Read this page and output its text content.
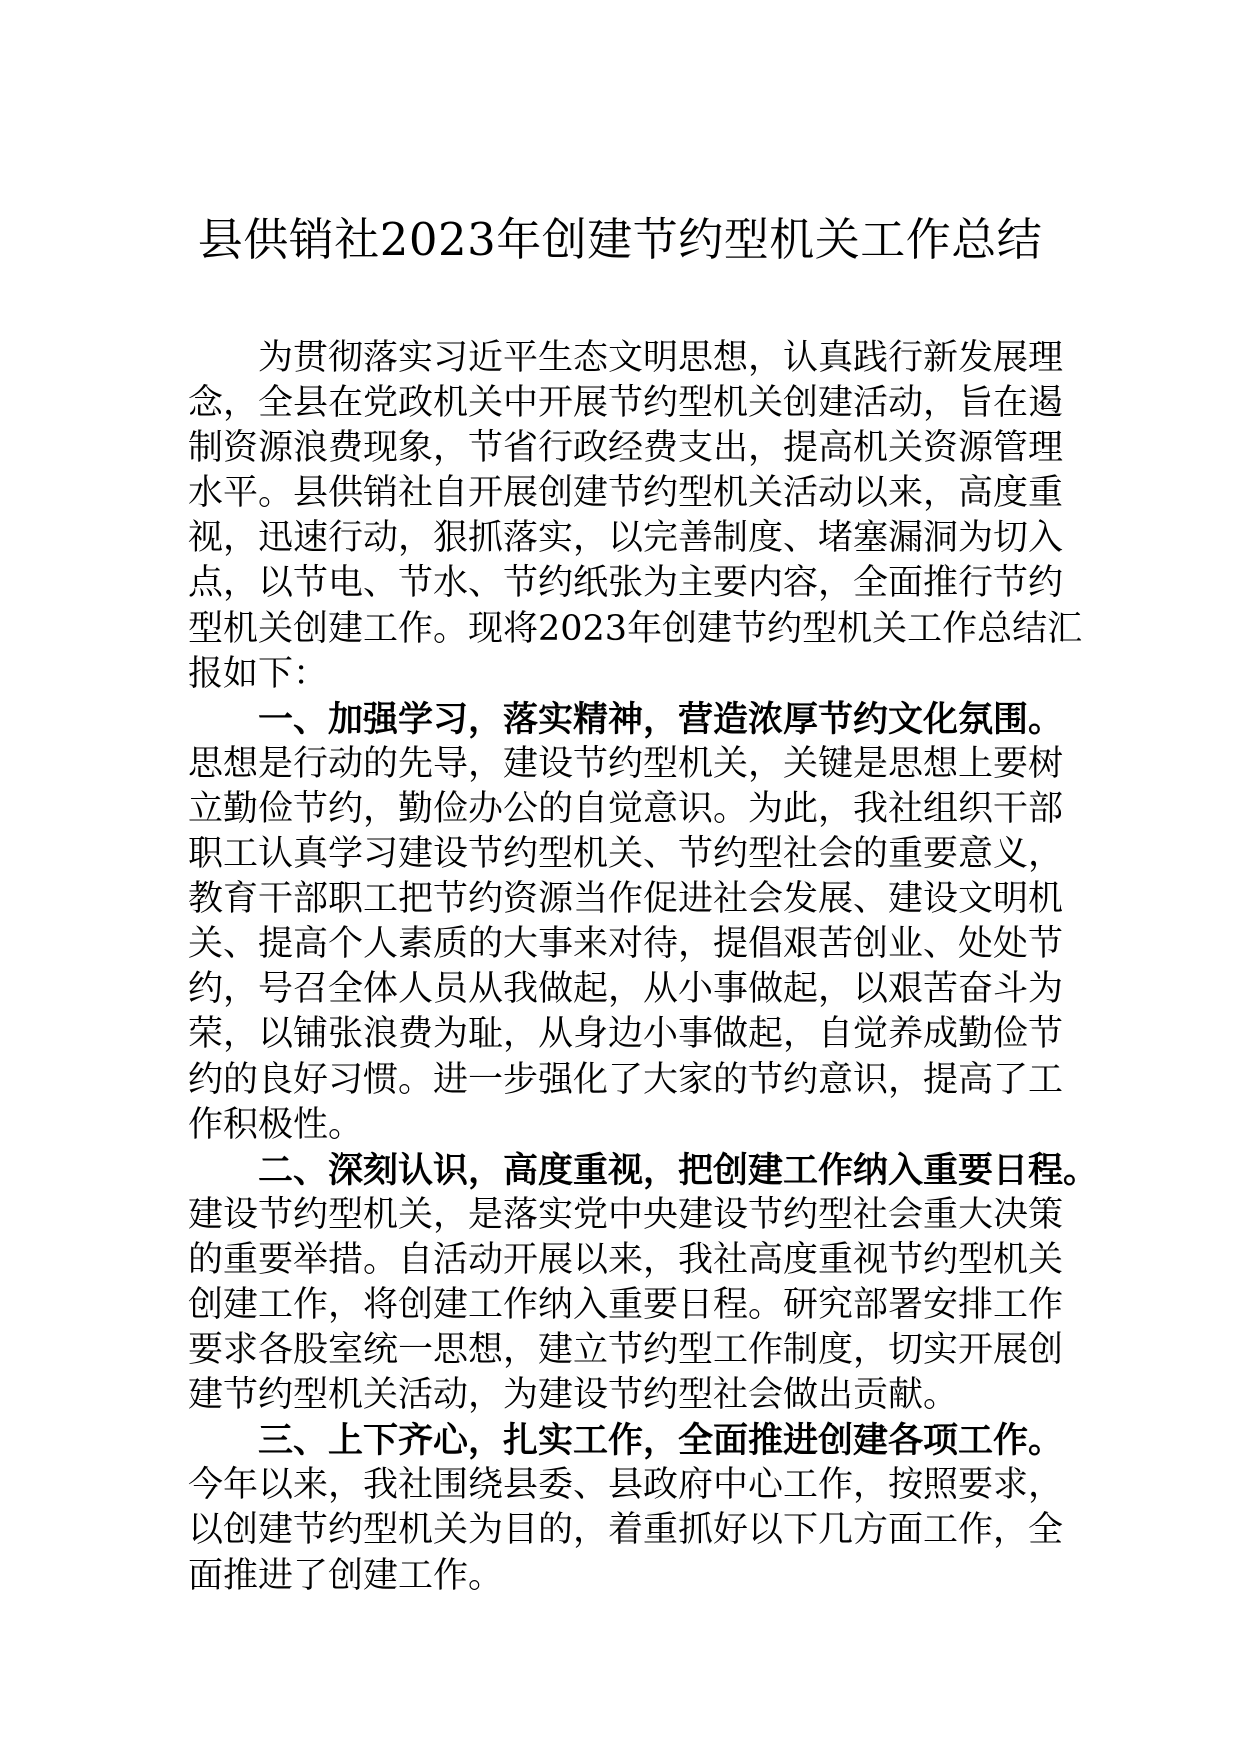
县供销社2023年创建节约型机关工作总结
为贯彻落实习近平生态文明思想，认真践行新发展理
念，全县在党政机关中开展节约型机关创建活动，旨在遏
制资源浪费现象，节省行政经费支出，提高机关资源管理
水平。县供销社自开展创建节约型机关活动以来，高度重
视，迅速行动，狠抓落实，以完善制度、堵塞漏洞为切入
点，以节电、节水、节约纸张为主要内容，全面推行节约
型机关创建工作。现将2023年创建节约型机关工作总结汇
报如下：
一、加强学习，落实精神，营造浓厚节约文化氛围。
思想是行动的先导，建设节约型机关，关键是思想上要树
立勤俭节约，勤俭办公的自觉意识。为此，我社组织干部
职工认真学习建设节约型机关、节约型社会的重要意义，
教育干部职工把节约资源当作促进社会发展、建设文明机
关、提高个人素质的大事来对待，提倡艰苦创业、处处节
约，号召全体人员从我做起，从小事做起，以艰苦奋斗为
荣，以铺张浪费为耻，从身边小事做起，自觉养成勤俭节
约的良好习惯。进一步强化了大家的节约意识，提高了工
作积极性。
二、深刻认识，高度重视，把创建工作纳入重要日程。
建设节约型机关，是落实党中央建设节约型社会重大决策
的重要举措。自活动开展以来，我社高度重视节约型机关
创建工作，将创建工作纳入重要日程。研究部署安排工作
要求各股室统一思想，建立节约型工作制度，切实开展创
建节约型机关活动，为建设节约型社会做出贡献。
三、上下齐心，扎实工作，全面推进创建各项工作。
今年以来，我社围绕县委、县政府中心工作，按照要求，
以创建节约型机关为目的，着重抓好以下几方面工作，全
面推进了创建工作。
